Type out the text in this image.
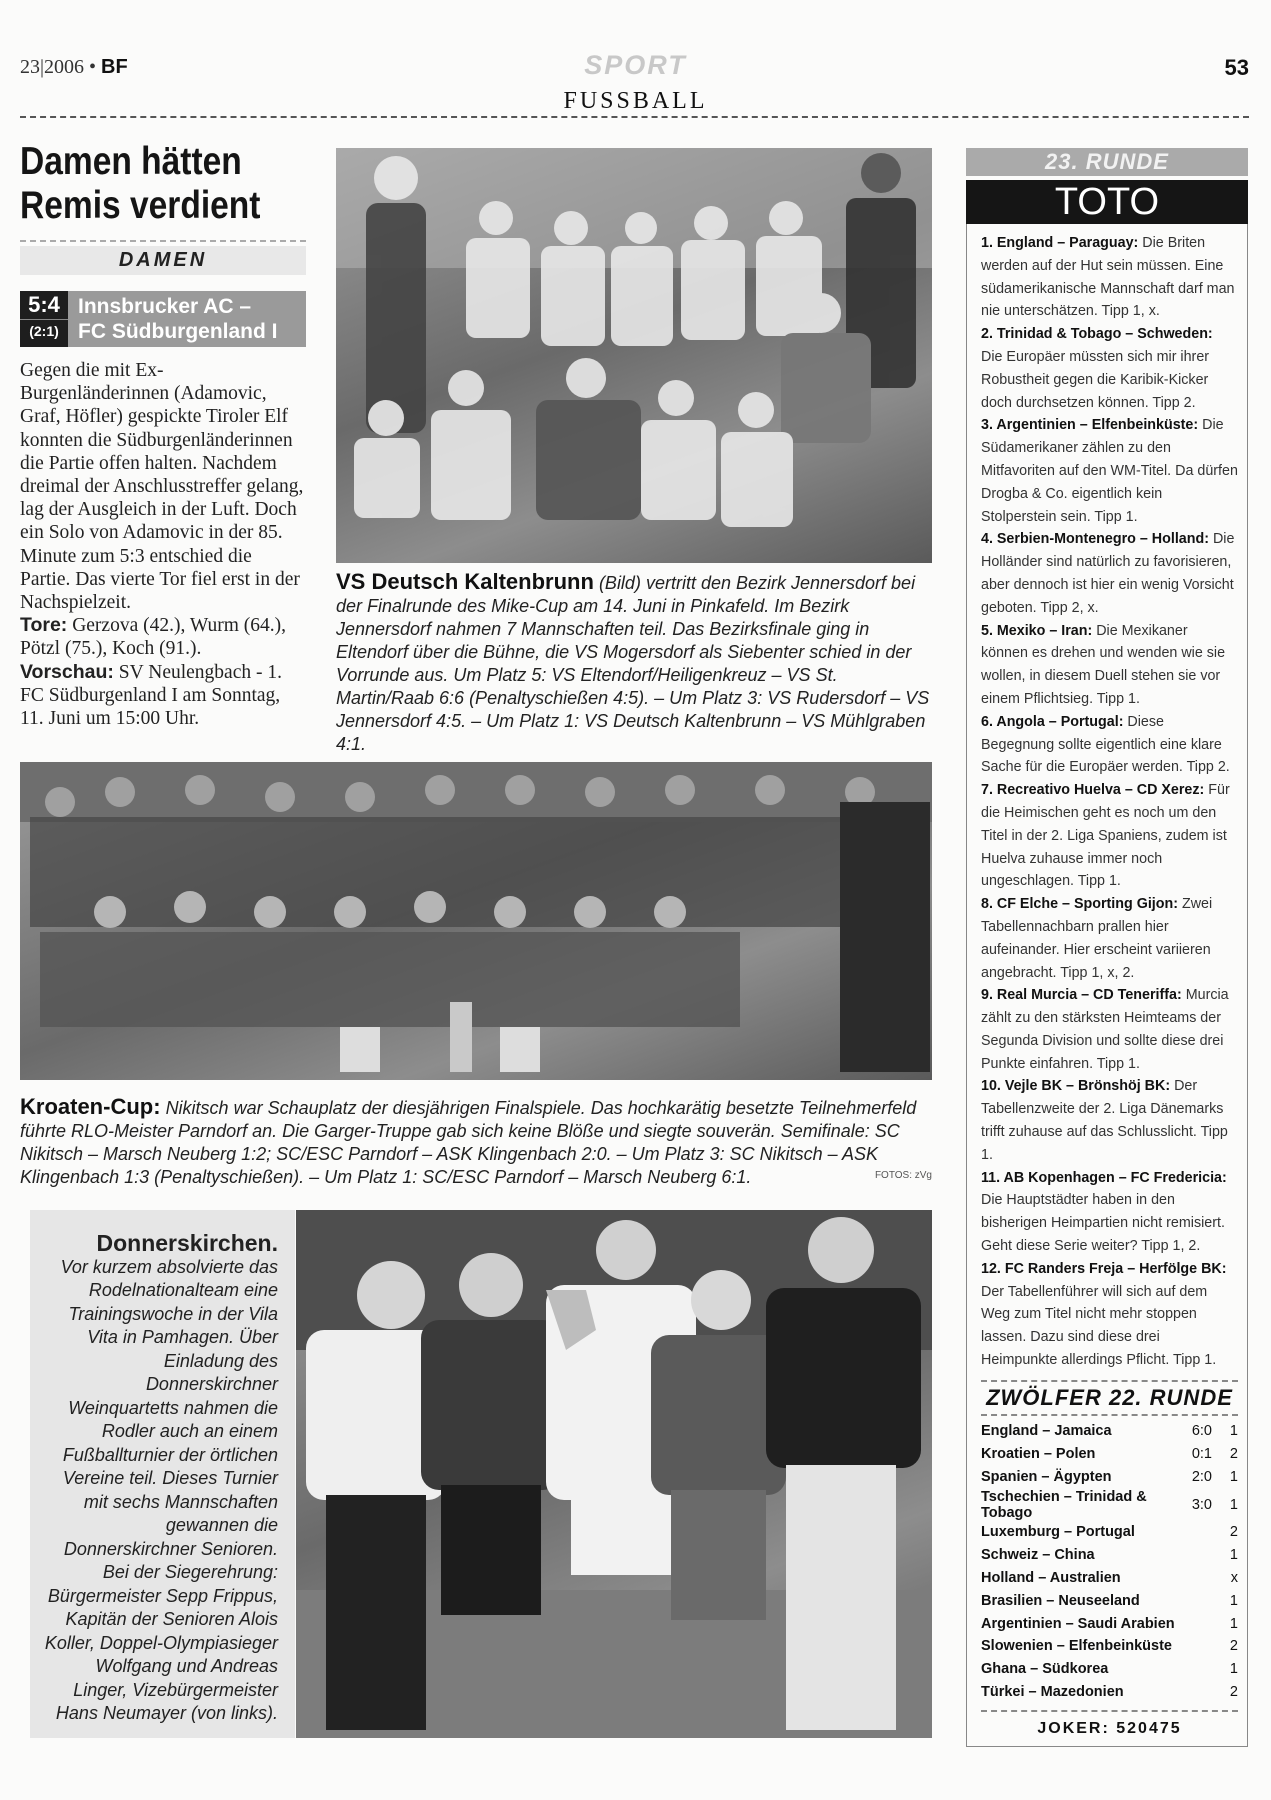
23|2006 • BF	SPORT
FUSSBALL
53
Damen hätten
Remis verdient
DAMEN
5:4
(2:1)
Innsbrucker AC –
FC Südburgenland I

Gegen die mit Ex-Burgenländerinnen (Adamovic, Graf, Höfler) gespickte Tiroler Elf konnten die Südburgenländerinnen die Partie offen halten. Nachdem dreimal der Anschlusstreffer gelang, lag der Ausgleich in der Luft. Doch ein Solo von Adamovic in der 85. Minute zum 5:3 entschied die Partie. Das vierte Tor fiel erst in der Nachspielzeit.

Tore: Gerzova (42.), Wurm (64.), Pötzl (75.), Koch (91.).

Vorschau: SV Neulengbach - 1. FC Südburgenland I am Sonntag, 11. Juni um 15:00 Uhr.

VS Deutsch Kaltenbrunn (Bild) vertritt den Bezirk Jennersdorf bei der Finalrunde des Mike-Cup am 14. Juni in Pinkafeld. Im Bezirk Jennersdorf nahmen 7 Mannschaften teil. Das Bezirksfinale ging in Eltendorf über die Bühne, die VS Mogersdorf als Siebenter schied in der Vorrunde aus. Um Platz 5: VS Eltendorf/Heiligenkreuz – VS St. Martin/Raab 6:6 (Penaltyschießen 4:5). – Um Platz 3: VS Rudersdorf – VS Jennersdorf 4:5. – Um Platz 1: VS Deutsch Kaltenbrunn – VS Mühlgraben 4:1.
Kroaten-Cup: Nikitsch war Schauplatz der diesjährigen Finalspiele. Das hochkarätig besetzte Teilnehmerfeld führte RLO-Meister Parndorf an. Die Garger-Truppe gab sich keine Blöße und siegte souverän. Semifinale: SC Nikitsch – Marsch Neuberg 1:2; SC/ESC Parndorf – ASK Klingenbach 2:0. – Um Platz 3: SC Nikitsch – ASK Klingenbach 1:3 (Penaltyschießen). – Um Platz 1: SC/ESC Parndorf – Marsch Neuberg 6:1.	FOTOS: zVg
Donnerskirchen.
Vor kurzem absolvierte das Rodelnationalteam eine Trainingswoche in der Vila Vita in Pamhagen. Über Einladung des Donnerskirchner Weinquartetts nahmen die Rodler auch an einem Fußballturnier der örtlichen Vereine teil. Dieses Turnier mit sechs Mannschaften gewannen die Donnerskirchner Senioren. Bei der Siegerehrung: Bürgermeister Sepp Frippus, Kapitän der Senioren Alois Koller, Doppel-Olympiasieger Wolfgang und Andreas Linger, Vizebürgermeister Hans Neumayer (von links).
23. RUNDE
TOTO

1. England – Paraguay: Die Briten werden auf der Hut sein müssen. Eine südamerikanische Mannschaft darf man nie unterschätzen. Tipp 1, x.

2. Trinidad & Tobago – Schweden: Die Europäer müssten sich mir ihrer Robustheit gegen die Karibik-Kicker doch durchsetzen können. Tipp 2.

3. Argentinien – Elfenbeinküste: Die Südamerikaner zählen zu den Mitfavoriten auf den WM-Titel. Da dürfen Drogba & Co. eigentlich kein Stolperstein sein. Tipp 1.

4. Serbien-Montenegro – Holland: Die Holländer sind natürlich zu favorisieren, aber dennoch ist hier ein wenig Vorsicht geboten. Tipp 2, x.

5. Mexiko – Iran: Die Mexikaner können es drehen und wenden wie sie wollen, in diesem Duell stehen sie vor einem Pflichtsieg. Tipp 1.

6. Angola – Portugal: Diese Begegnung sollte eigentlich eine klare Sache für die Europäer werden. Tipp 2.

7. Recreativo Huelva – CD Xerez: Für die Heimischen geht es noch um den Titel in der 2. Liga Spaniens, zudem ist Huelva zuhause immer noch ungeschlagen. Tipp 1.

8. CF Elche – Sporting Gijon: Zwei Tabellennachbarn prallen hier aufeinander. Hier erscheint variieren angebracht. Tipp 1, x, 2.

9. Real Murcia – CD Teneriffa: Murcia zählt zu den stärksten Heimteams der Segunda Division und sollte diese drei Punkte einfahren. Tipp 1.

10. Vejle BK – Brönshöj BK: Der Tabellenzweite der 2. Liga Dänemarks trifft zuhause auf das Schlusslicht. Tipp 1.

11. AB Kopenhagen – FC Fredericia: Die Hauptstädter haben in den bisherigen Heimpartien nicht remisiert. Geht diese Serie weiter? Tipp 1, 2.

12. FC Randers Freja – Herfölge BK: Der Tabellenführer will sich auf dem Weg zum Titel nicht mehr stoppen lassen. Dazu sind diese drei Heimpunkte allerdings Pflicht. Tipp 1.

ZWÖLFER 22. RUNDE
England – Jamaica	6:0	1
Kroatien – Polen	0:1	2
Spanien – Ägypten	2:0	1
Tschechien – Trinidad & Tobago	3:0	1
Luxemburg – Portugal		2
Schweiz – China		1
Holland – Australien		x
Brasilien – Neuseeland		1
Argentinien – Saudi Arabien		1
Slowenien – Elfenbeinküste		2
Ghana – Südkorea		1
Türkei – Mazedonien		2
JOKER: 520475
